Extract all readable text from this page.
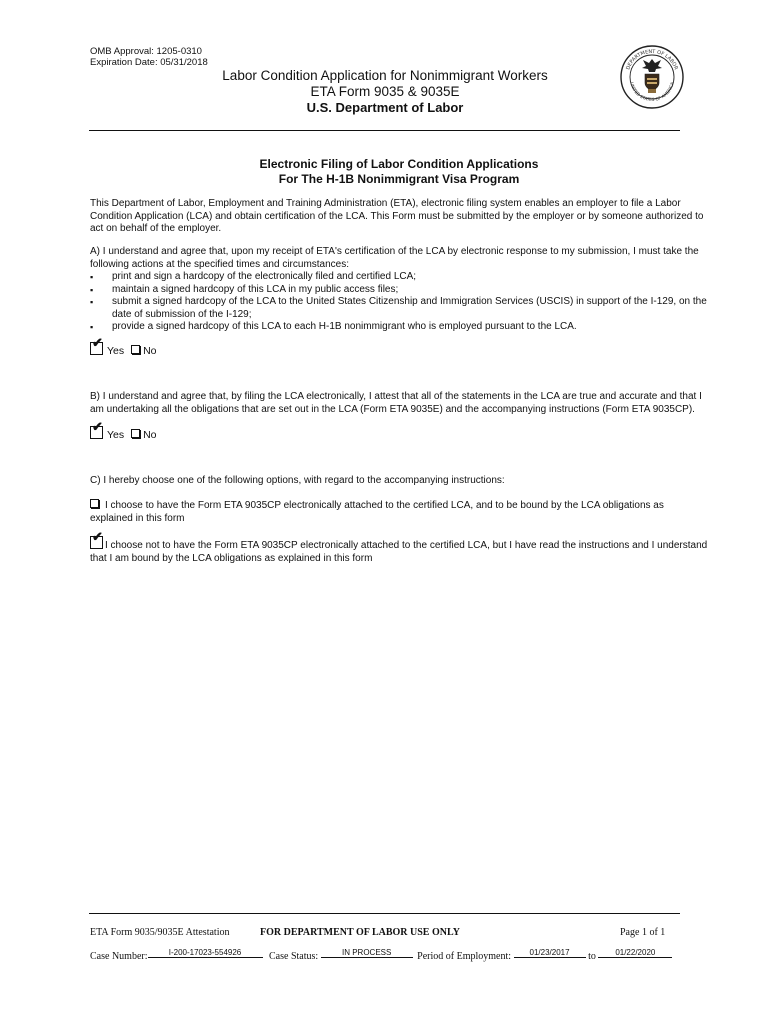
OMB Approval: 1205-0310
Expiration Date: 05/31/2018
Labor Condition Application for Nonimmigrant Workers
ETA Form 9035 & 9035E
U.S. Department of Labor
DEPARTMENT OF LABOR
UNITED STATES OF AMERICA
Electronic Filing of Labor Condition Applications
For The H-1B Nonimmigrant Visa Program
This Department of Labor, Employment and Training Administration (ETA), electronic filing system enables an employer to file a Labor Condition Application (LCA) and obtain certification of the LCA. This Form must be submitted by the employer or by someone authorized to act on behalf of the employer.
A) I understand and agree that, upon my receipt of ETA's certification of the LCA by electronic response to my submission, I must take the following actions at the specified times and circumstances:
▪ print and sign a hardcopy of the electronically filed and certified LCA;
▪ maintain a signed hardcopy of this LCA in my public access files;
▪ submit a signed hardcopy of the LCA to the United States Citizenship and Immigration Services (USCIS) in support of the I-129, on the date of submission of the I-129;
▪ provide a signed hardcopy of this LCA to each H-1B nonimmigrant who is employed pursuant to the LCA.
✔Yes No
B) I understand and agree that, by filing the LCA electronically, I attest that all of the statements in the LCA are true and accurate and that I am undertaking all the obligations that are set out in the LCA (Form ETA 9035E) and the accompanying instructions (Form ETA 9035CP).
✔Yes No
C) I hereby choose one of the following options, with regard to the accompanying instructions:
I choose to have the Form ETA 9035CP electronically attached to the certified LCA, and to be bound by the LCA obligations as explained in this form
✔I choose not to have the Form ETA 9035CP electronically attached to the certified LCA, but I have read the instructions and I understand that I am bound by the LCA obligations as explained in this form
ETA Form 9035/9035E Attestation	FOR DEPARTMENT OF LABOR USE ONLY	Page 1 of 1
Case Number:	I-200-17023-554926	Case Status:	IN PROCESS	Period of Employment: 01/23/2017 to 01/22/2020
